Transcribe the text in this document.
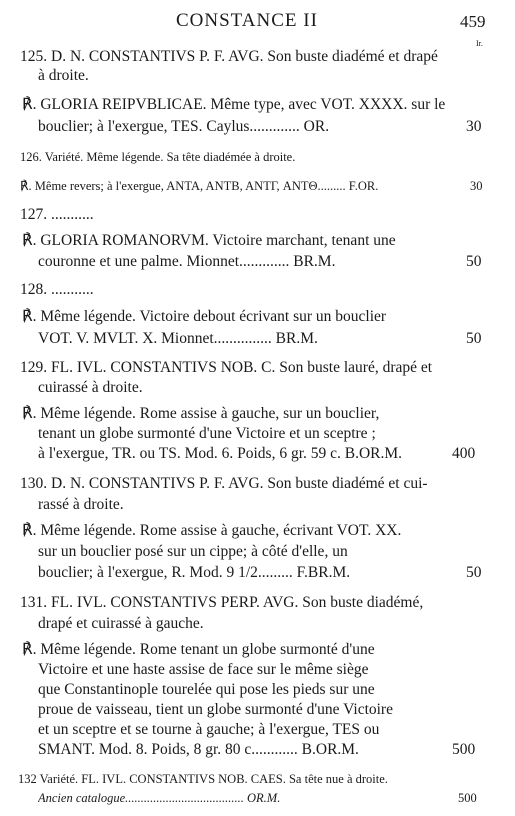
CONSTANCE II	459
Ir.
125. D. N. CONSTANTIVS P. F. AVG. Son buste diadémé et drapé
à droite.
℟. GLORIA REIPVBLICAE. Même type, avec VOT. XXXX. sur le
bouclier; à l'exergue, TES. Caylus............. OR.	30
126. Variété. Même légende. Sa tête diadémée à droite.
℟. Même revers; à l'exergue, ANTA, ANTB, ANTΓ, ANTΘ......... F.OR.	30
127. ...........
℟. GLORIA ROMANORVM. Victoire marchant, tenant une
couronne et une palme. Mionnet............. BR.M.	50
128. ...........
℟. Même légende. Victoire debout écrivant sur un bouclier
VOT. V. MVLT. X. Mionnet............... BR.M.	50
129. FL. IVL. CONSTANTIVS NOB. C. Son buste lauré, drapé et
cuirassé à droite.
℟. Même légende. Rome assise à gauche, sur un bouclier,
tenant un globe surmonté d'une Victoire et un sceptre ;
à l'exergue, TR. ou TS. Mod. 6. Poids, 6 gr. 59 c. B.OR.M.	400
130. D. N. CONSTANTIVS P. F. AVG. Son buste diadémé et cui-
rassé à droite.
℟. Même légende. Rome assise à gauche, écrivant VOT. XX.
sur un bouclier posé sur un cippe; à côté d'elle, un
bouclier; à l'exergue, R. Mod. 9 1/2......... F.BR.M.	50
131. FL. IVL. CONSTANTIVS PERP. AVG. Son buste diadémé,
drapé et cuirassé à gauche.
℟. Même légende. Rome tenant un globe surmonté d'une
Victoire et une haste assise de face sur le même siège
que Constantinople tourelée qui pose les pieds sur une
proue de vaisseau, tient un globe surmonté d'une Victoire
et un sceptre et se tourne à gauche; à l'exergue, TES ou
SMANT. Mod. 8. Poids, 8 gr. 80 c............ B.OR.M.	500
132 Variété. FL. IVL. CONSTANTIVS NOB. CAES. Sa tête nue à droite.
Ancien catalogue...................................... OR.M.	500
